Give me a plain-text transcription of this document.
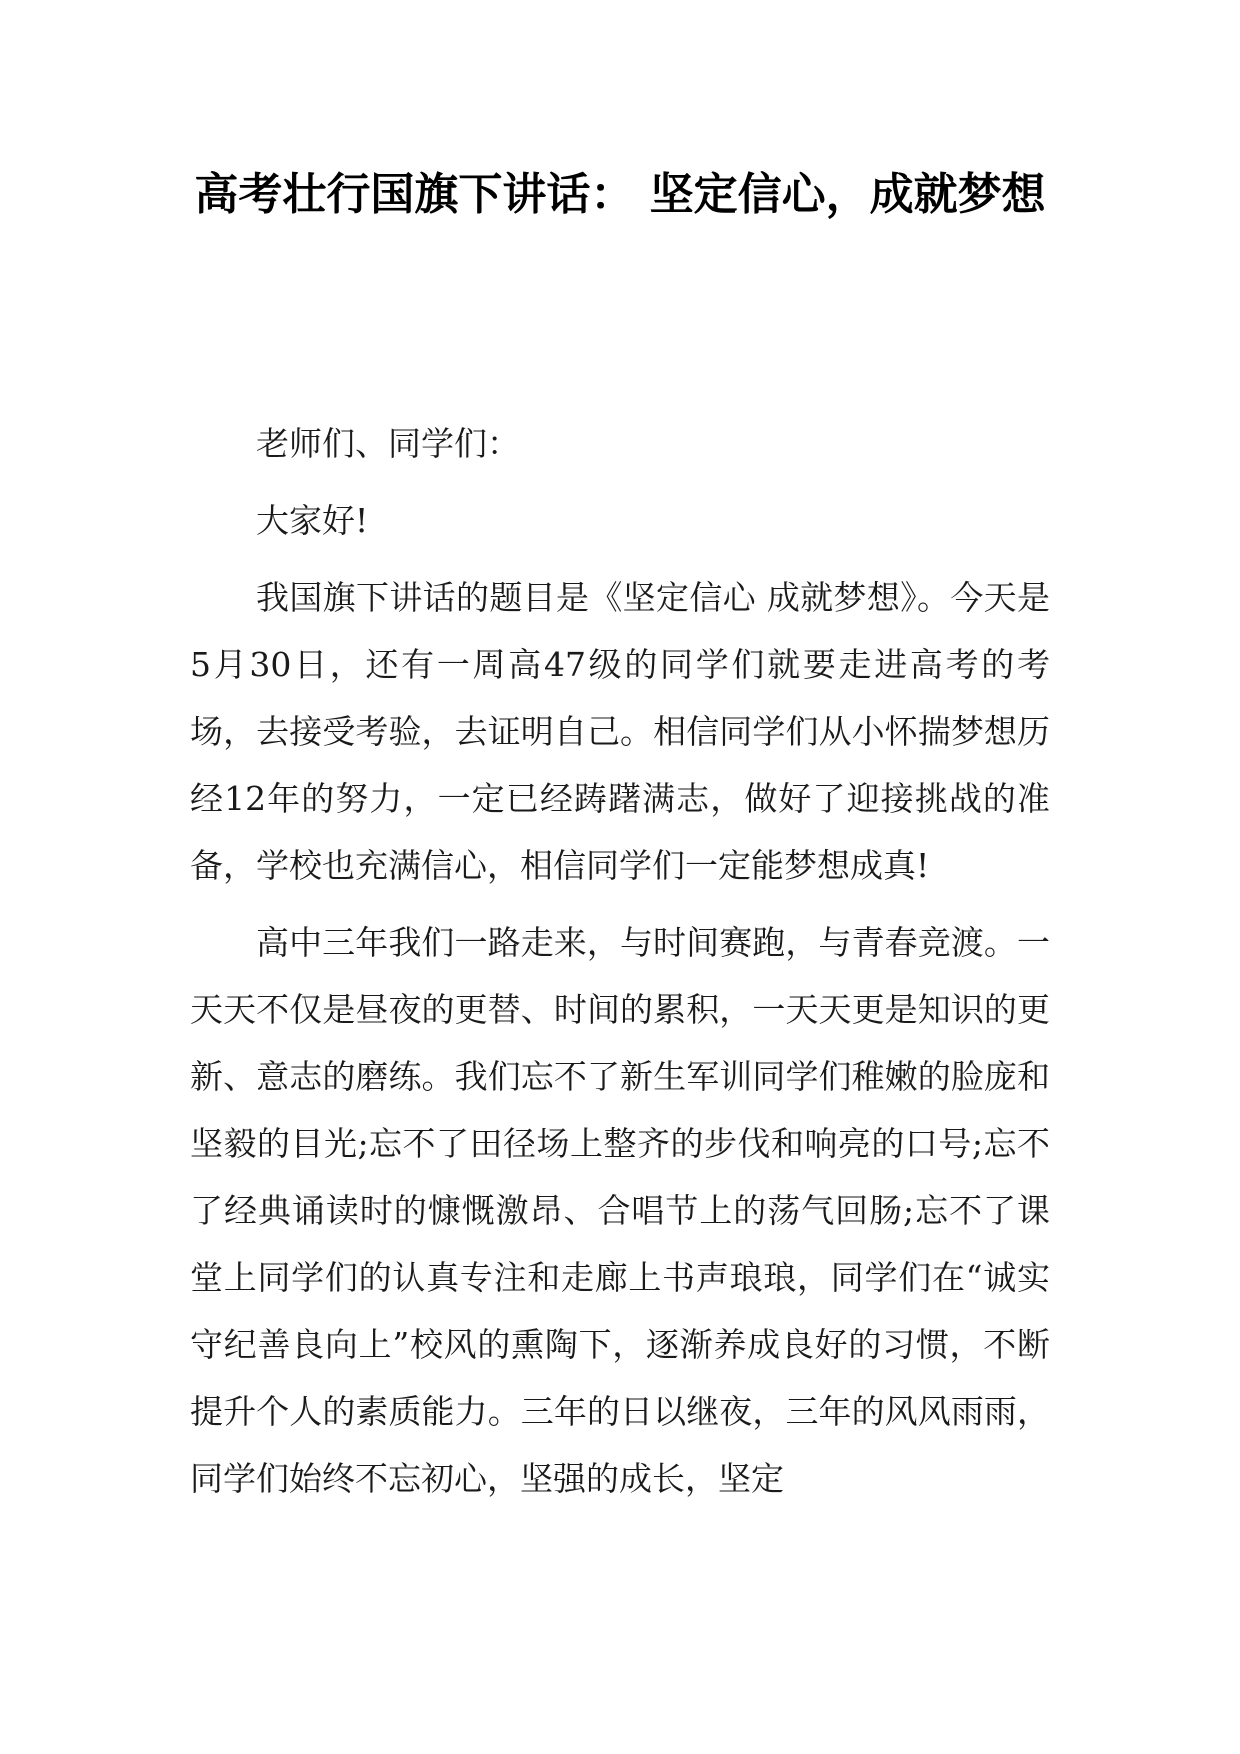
高考壮行国旗下讲话： 坚定信心，成就梦想

老师们、同学们：

大家好!

我国旗下讲话的题目是《坚定信心 成就梦想》。今天是5月30日，还有一周高47级的同学们就要走进高考的考场，去接受考验，去证明自己。相信同学们从小怀揣梦想历经12年的努力，一定已经踌躇满志，做好了迎接挑战的准备，学校也充满信心，相信同学们一定能梦想成真!

高中三年我们一路走来，与时间赛跑，与青春竞渡。一天天不仅是昼夜的更替、时间的累积，一天天更是知识的更新、意志的磨练。我们忘不了新生军训同学们稚嫩的脸庞和坚毅的目光;忘不了田径场上整齐的步伐和响亮的口号;忘不了经典诵读时的慷慨激昂、合唱节上的荡气回肠;忘不了课堂上同学们的认真专注和走廊上书声琅琅，同学们在“诚实守纪善良向上”校风的熏陶下，逐渐养成良好的习惯，不断提升个人的素质能力。三年的日以继夜，三年的风风雨雨，同学们始终不忘初心，坚强的成长，坚定
